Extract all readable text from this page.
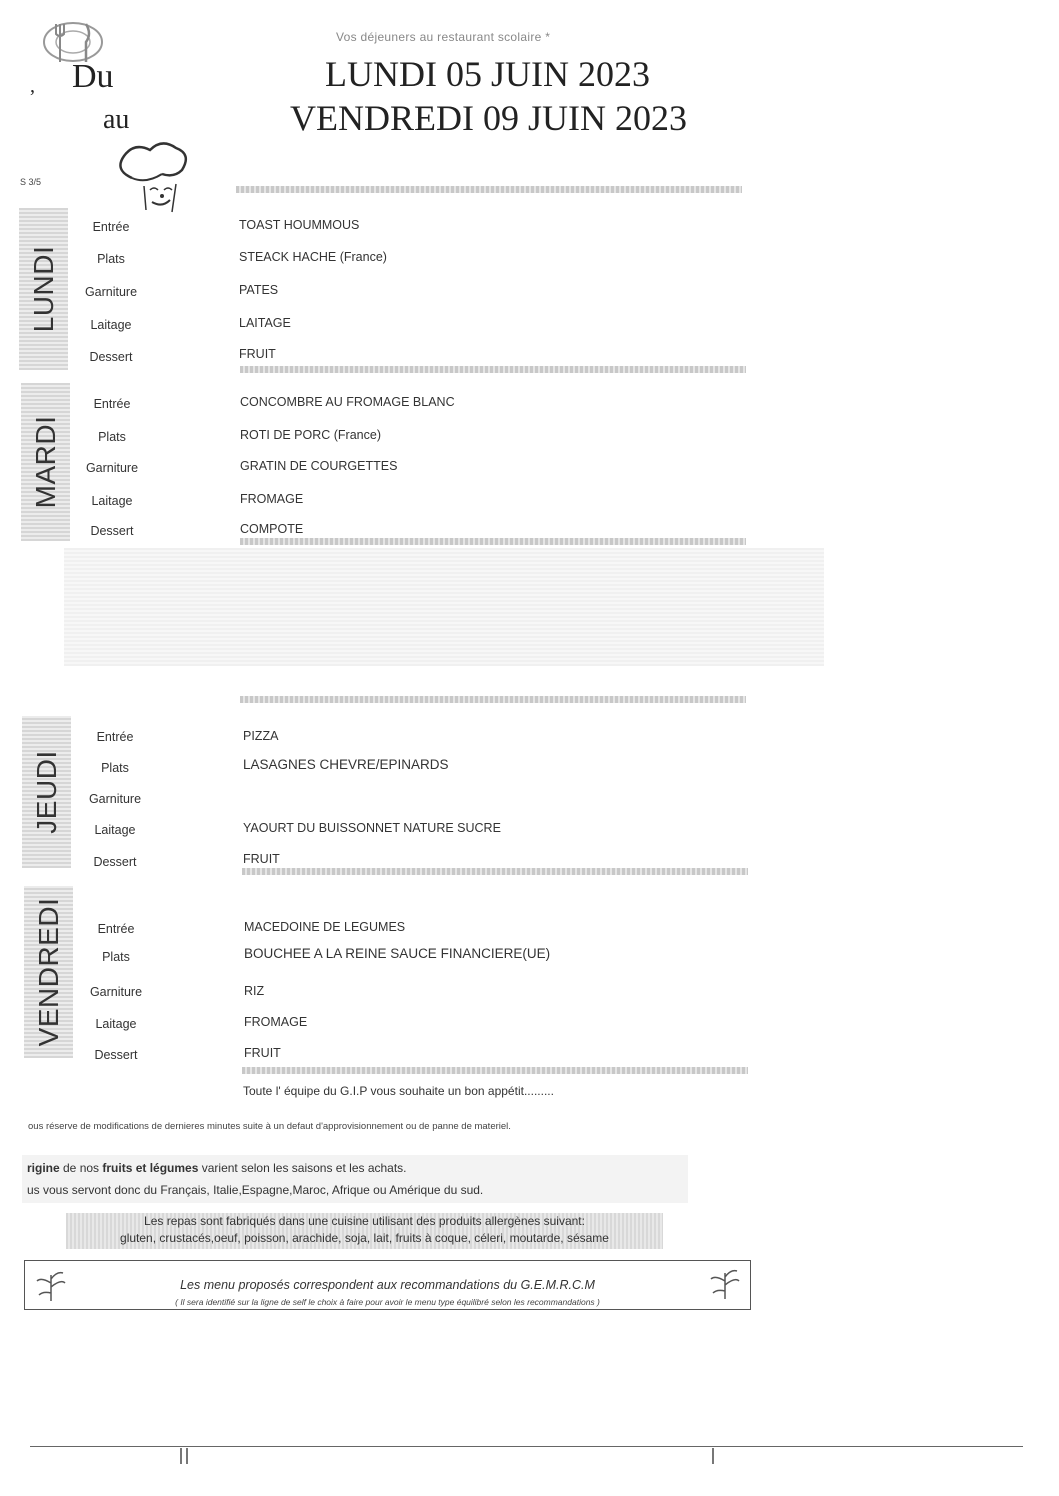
Vos déjeuners au restaurant scolaire *
, Du
au
LUNDI 05 JUIN 2023
VENDREDI 09 JUIN 2023
S 3/5
LUNDI
Entrée	TOAST HOUMMOUS
Plats	STEACK HACHE (France)
Garniture	PATES
Laitage	LAITAGE
Dessert	FRUIT
MARDI
Entrée	CONCOMBRE AU FROMAGE BLANC
Plats	ROTI DE PORC (France)
Garniture	GRATIN DE COURGETTES
Laitage	FROMAGE
Dessert	COMPOTE
JEUDI
Entrée	PIZZA
Plats	LASAGNES CHEVRE/EPINARDS
Garniture
Laitage	YAOURT DU BUISSONNET NATURE SUCRE
Dessert	FRUIT
VENDREDI	Entrée	MACEDOINE DE LEGUMES
Plats	BOUCHEE A LA REINE SAUCE FINANCIERE(UE)
Garniture	RIZ
Laitage	FROMAGE
Dessert	FRUIT
Toute l' équipe du G.I.P vous souhaite un bon appétit.........
ous réserve de modifications de dernieres minutes suite à un defaut d'approvisionnement ou de panne de materiel.
rigine de nos fruits et légumes varient selon les saisons et les achats.
us vous servont donc du Français, Italie,Espagne,Maroc, Afrique ou Amérique du sud.
Les repas sont fabriqués dans une cuisine utilisant des produits allergènes suivant:
gluten, crustacés,oeuf, poisson, arachide, soja, lait, fruits à coque, céleri, moutarde, sésame
Les menu proposés correspondent aux recommandations du G.E.M.R.C.M
( Il sera identifié sur la ligne de self le choix à faire pour avoir le menu type équilibré selon les recommandations )
